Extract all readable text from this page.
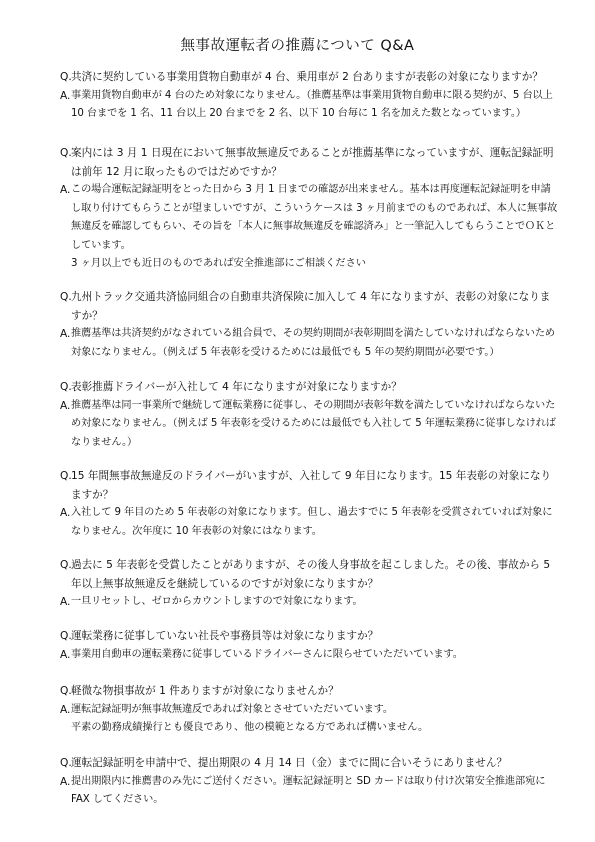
無事故運転者の推薦について Q&A
Q. 共済に契約している事業用貨物自動車が 4 台、乗用車が 2 台ありますが表彰の対象になりますか？
A. 事業用貨物自動車が 4 台のため対象になりません。（推薦基準は事業用貨物自動車に限る契約が、5 台以上 10 台までを 1 名、11 台以上 20 台までを 2 名、以下 10 台毎に 1 名を加えた数となっています。）
Q. 案内には 3 月 1 日現在において無事故無違反であることが推薦基準になっていますが、運転記録証明は前年 12 月に取ったものではだめですか？
A. この場合運転記録証明をとった日から 3 月 1 日までの確認が出来ません。基本は再度運転記録証明を申請し取り付けてもらうことが望ましいですが、こういうケースは 3 ヶ月前までのものであれば、本人に無事故無違反を確認してもらい、その旨を「本人に無事故無違反を確認済み」と一筆記入してもらうことでＯＫとしています。
3 ヶ月以上でも近日のものであれば安全推進部にご相談ください
Q. 九州トラック交通共済協同組合の自動車共済保険に加入して 4 年になりますが、表彰の対象になりますか？
A. 推薦基準は共済契約がなされている組合員で、その契約期間が表彰期間を満たしていなければならないため対象になりません。（例えば 5 年表彰を受けるためには最低でも 5 年の契約期間が必要です。）
Q. 表彰推薦ドライバーが入社して 4 年になりますが対象になりますか？
A. 推薦基準は同一事業所で継続して運転業務に従事し、その期間が表彰年数を満たしていなければならないため対象になりません。（例えば 5 年表彰を受けるためには最低でも入社して 5 年運転業務に従事しなければなりません。）
Q. 15 年間無事故無違反のドライバーがいますが、入社して 9 年目になります。15 年表彰の対象になりますか？
A. 入社して 9 年目のため 5 年表彰の対象になります。但し、過去すでに 5 年表彰を受賞されていれば対象になりません。次年度に 10 年表彰の対象にはなります。
Q. 過去に 5 年表彰を受賞したことがありますが、その後人身事故を起こしました。その後、事故から 5 年以上無事故無違反を継続しているのですが対象になりますか？
A. 一旦リセットし、ゼロからカウントしますので対象になります。
Q. 運転業務に従事していない社長や事務員等は対象になりますか？
A. 事業用自動車の運転業務に従事しているドライバーさんに限らせていただいています。
Q. 軽微な物損事故が 1 件ありますが対象になりませんか？
A. 運転記録証明が無事故無違反であれば対象とさせていただいています。
平素の勤務成績操行とも優良であり、他の模範となる方であれば構いません。
Q. 運転記録証明を申請中で、提出期限の 4 月 14 日（金）までに間に合いそうにありません？
A. 提出期限内に推薦書のみ先にご送付ください。運転記録証明と SD カードは取り付け次第安全推進部宛に FAX してください。
